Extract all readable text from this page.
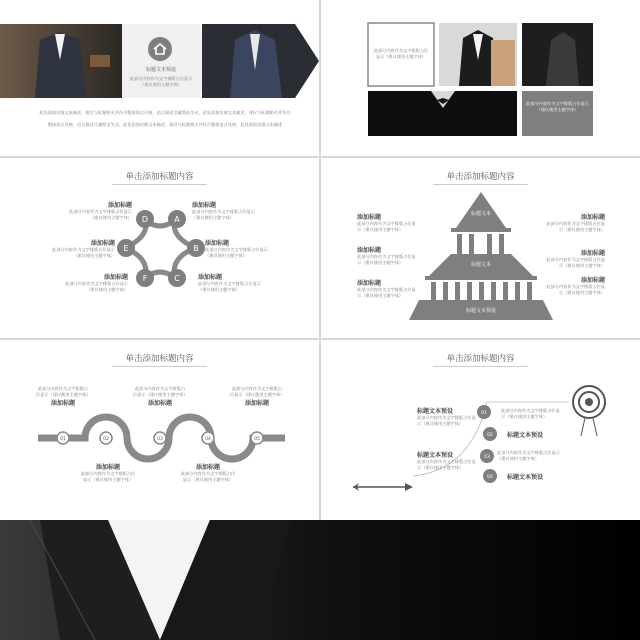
标题文本预设
此部分内容作为文字排版占位显示（建议使用主题字体）
此处添加详细文本描述，建议与标题相关并符合整体语言风格，语言描述尽量简洁生动。此处添加详细文本描述，建议与标题相关并符合
整体语言风格，语言描述尽量简洁生动。此处添加详细文本描述，建议与标题相关并符合整体语言风格，此处添加详细文本描述
此部分内容作为文字排版占位显示（建议使用主题字体）
此部分内容作为文字排版占位显示（建议使用主题字体）
单击添加标题内容
A
B
C
D
E
F
添加标题
此部分内容作为文字排版占位显示（建议使用主题字体）
添加标题
此部分内容作为文字排版占位显示（建议使用主题字体）
添加标题
此部分内容作为文字排版占位显示（建议使用主题字体）
添加标题
此部分内容作为文字排版占位显示（建议使用主题字体）
添加标题
此部分内容作为文字排版占位显示（建议使用主题字体）
添加标题
此部分内容作为文字排版占位显示（建议使用主题字体）
单击添加标题内容
标题文本
标题文本
标题文本预设
添加标题
此部分内容作为文字排版占位显示（建议使用主题字体）
添加标题
此部分内容作为文字排版占位显示（建议使用主题字体）
添加标题
此部分内容作为文字排版占位显示（建议使用主题字体）
添加标题
此部分内容作为文字排版占位显示（建议使用主题字体）
添加标题
此部分内容作为文字排版占位显示（建议使用主题字体）
添加标题
此部分内容作为文字排版占位显示（建议使用主题字体）
单击添加标题内容
01	02	03	04	05
此部分内容作为文字排版占位显示（建议使用主题字体）
添加标题
添加标题
此部分内容作为文字排版占位显示（建议使用主题字体）
此部分内容作为文字排版占位显示（建议使用主题字体）
添加标题
添加标题
此部分内容作为文字排版占位显示（建议使用主题字体）
此部分内容作为文字排版占位显示（建议使用主题字体）
添加标题
单击添加标题内容
01
02
03
04
标题文本预设
此部分内容作为文字排版占位显示（建议使用主题字体）
此部分内容作为文字排版占位显示（建议使用主题字体）
标题文本预设
标题文本预设
此部分内容作为文字排版占位显示（建议使用主题字体）
此部分内容作为文字排版占位显示（建议使用主题字体）
标题文本预设
